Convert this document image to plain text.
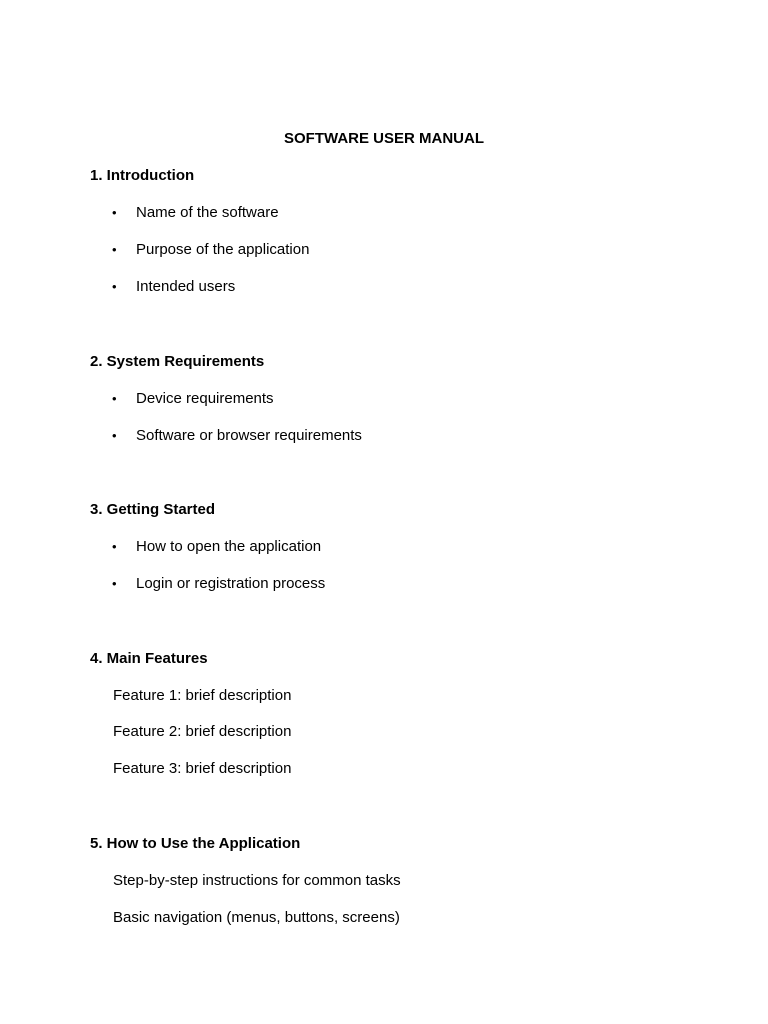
SOFTWARE USER MANUAL
1. Introduction
• Name of the software
• Purpose of the application
• Intended users
2. System Requirements
• Device requirements
• Software or browser requirements
3. Getting Started
• How to open the application
• Login or registration process
4. Main Features
Feature 1: brief description
Feature 2: brief description
Feature 3: brief description
5. How to Use the Application
Step-by-step instructions for common tasks
Basic navigation (menus, buttons, screens)
